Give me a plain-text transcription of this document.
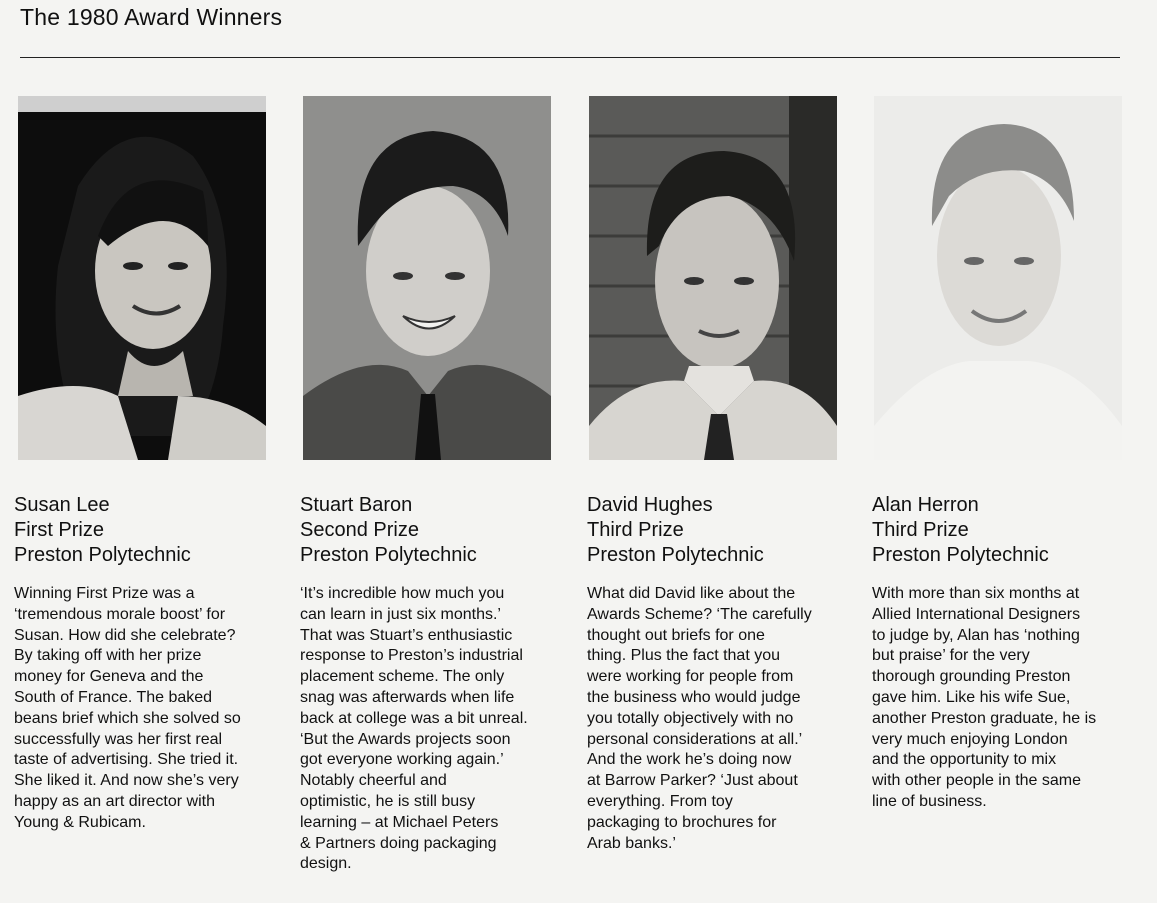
The 1980 Award Winners
Susan Lee
First Prize
Preston Polytechnic
Winning First Prize was a
‘tremendous morale boost’ for
Susan. How did she celebrate?
By taking off with her prize
money for Geneva and the
South of France. The baked
beans brief which she solved so
successfully was her first real
taste of advertising. She tried it.
She liked it. And now she’s very
happy as an art director with
Young & Rubicam.
Stuart Baron
Second Prize
Preston Polytechnic
‘It’s incredible how much you
can learn in just six months.’
That was Stuart’s enthusiastic
response to Preston’s industrial
placement scheme. The only
snag was afterwards when life
back at college was a bit unreal.
‘But the Awards projects soon
got everyone working again.’
Notably cheerful and
optimistic, he is still busy
learning – at Michael Peters
& Partners doing packaging
design.
David Hughes
Third Prize
Preston Polytechnic
What did David like about the
Awards Scheme? ‘The carefully
thought out briefs for one
thing. Plus the fact that you
were working for people from
the business who would judge
you totally objectively with no
personal considerations at all.’
And the work he’s doing now
at Barrow Parker? ‘Just about
everything. From toy
packaging to brochures for
Arab banks.’
Alan Herron
Third Prize
Preston Polytechnic
With more than six months at
Allied International Designers
to judge by, Alan has ‘nothing
but praise’ for the very
thorough grounding Preston
gave him. Like his wife Sue,
another Preston graduate, he is
very much enjoying London
and the opportunity to mix
with other people in the same
line of business.
